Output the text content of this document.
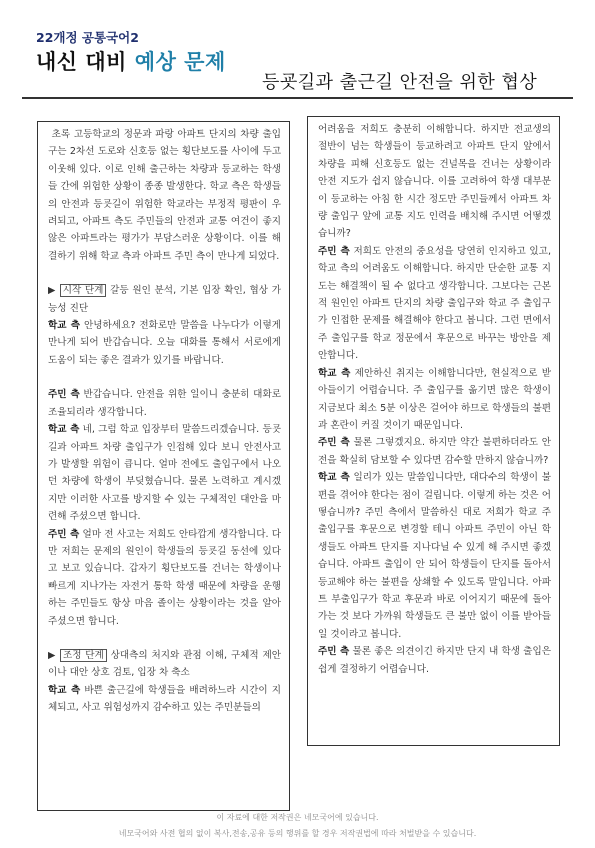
22개정 공통국어2
내신 대비 예상 문제
등굣길과 출근길 안전을 위한 협상

초록 고등학교의 정문과 파랑 아파트 단지의 차량 출입구는 2차선 도로와 신호등 없는 횡단보도를 사이에 두고 이웃해 있다. 이로 인해 출근하는 차량과 등교하는 학생들 간에 위험한 상황이 종종 발생한다. 학교 측은 학생들의 안전과 등굣길이 위험한 학교라는 부정적 평판이 우려되고, 아파트 측도 주민들의 안전과 교통 여건이 좋지 않은 아파트라는 평가가 부담스러운 상황이다. 이를 해결하기 위해 학교 측과 아파트 주민 측이 만나게 되었다.

▶ 시작 단계 갈등 원인 분석, 기본 입장 확인, 협상 가능성 진단

학교 측 안녕하세요? 전화로만 말씀을 나누다가 이렇게 만나게 되어 반갑습니다. 오늘 대화를 통해서 서로에게 도움이 되는 좋은 결과가 있기를 바랍니다.

주민 측 반갑습니다. 안전을 위한 일이니 충분히 대화로 조율되리라 생각합니다.

학교 측 네, 그럼 학교 입장부터 말씀드리겠습니다. 등굣길과 아파트 차량 출입구가 인접해 있다 보니 안전사고가 발생할 위험이 큽니다. 얼마 전에도 출입구에서 나오던 차량에 학생이 부딪혔습니다. 물론 노력하고 계시겠지만 이러한 사고를 방지할 수 있는 구체적인 대안을 마련해 주셨으면 합니다.

주민 측 얼마 전 사고는 저희도 안타깝게 생각합니다. 다만 저희는 문제의 원인이 학생들의 등굣길 동선에 있다고 보고 있습니다. 갑자기 횡단보도를 건너는 학생이나 빠르게 지나가는 자전거 통학 학생 때문에 차량을 운행하는 주민들도 항상 마음 졸이는 상황이라는 것을 알아주셨으면 합니다.

▶ 조정 단계 상대측의 처지와 관점 이해, 구체적 제안이나 대안 상호 검토, 입장 차 축소

학교 측 바쁜 출근길에 학생들을 배려하느라 시간이 지체되고, 사고 위험성까지 감수하고 있는 주민분들의

어려움을 저희도 충분히 이해합니다. 하지만 전교생의 절반이 넘는 학생들이 등교하려고 아파트 단지 앞에서 차량을 피해 신호등도 없는 건널목을 건너는 상황이라 안전 지도가 쉽지 않습니다. 이를 고려하여 학생 대부분이 등교하는 아침 한 시간 정도만 주민들께서 아파트 차량 출입구 앞에 교통 지도 인력을 배치해 주시면 어떻겠습니까?

주민 측 저희도 안전의 중요성을 당연히 인지하고 있고, 학교 측의 어려움도 이해합니다. 하지만 단순한 교통 지도는 해결책이 될 수 없다고 생각합니다. 그보다는 근본적 원인인 아파트 단지의 차량 출입구와 학교 주 출입구가 인접한 문제를 해결해야 한다고 봅니다. 그런 면에서 주 출입구를 학교 정문에서 후문으로 바꾸는 방안을 제안합니다.

학교 측 제안하신 취지는 이해합니다만, 현실적으로 받아들이기 어렵습니다. 주 출입구를 옮기면 많은 학생이 지금보다 최소 5분 이상은 걸어야 하므로 학생들의 불편과 혼란이 커질 것이기 때문입니다.

주민 측 물론 그렇겠지요. 하지만 약간 불편하더라도 안전을 확실히 담보할 수 있다면 감수할 만하지 않습니까?

학교 측 일리가 있는 말씀입니다만, 대다수의 학생이 불편을 겪어야 한다는 점이 걸립니다. 이렇게 하는 것은 어떻습니까? 주민 측에서 말씀하신 대로 저희가 학교 주 출입구를 후문으로 변경할 테니 아파트 주민이 아닌 학생들도 아파트 단지를 지나다닐 수 있게 해 주시면 좋겠습니다. 아파트 출입이 안 되어 학생들이 단지를 돌아서 등교해야 하는 불편을 상쇄할 수 있도록 말입니다. 아파트 부출입구가 학교 후문과 바로 이어지기 때문에 돌아가는 것 보다 가까워 학생들도 큰 불만 없이 이를 받아들일 것이라고 봅니다.

주민 측 물론 좋은 의견이긴 하지만 단지 내 학생 출입은 쉽게 결정하기 어렵습니다.

이 자료에 대한 저작권은 네모국어에 있습니다.
네모국어와 사전 협의 없이 복사,전송,공유 등의 행위를 할 경우 저작권법에 따라 처벌받을 수 있습니다.
